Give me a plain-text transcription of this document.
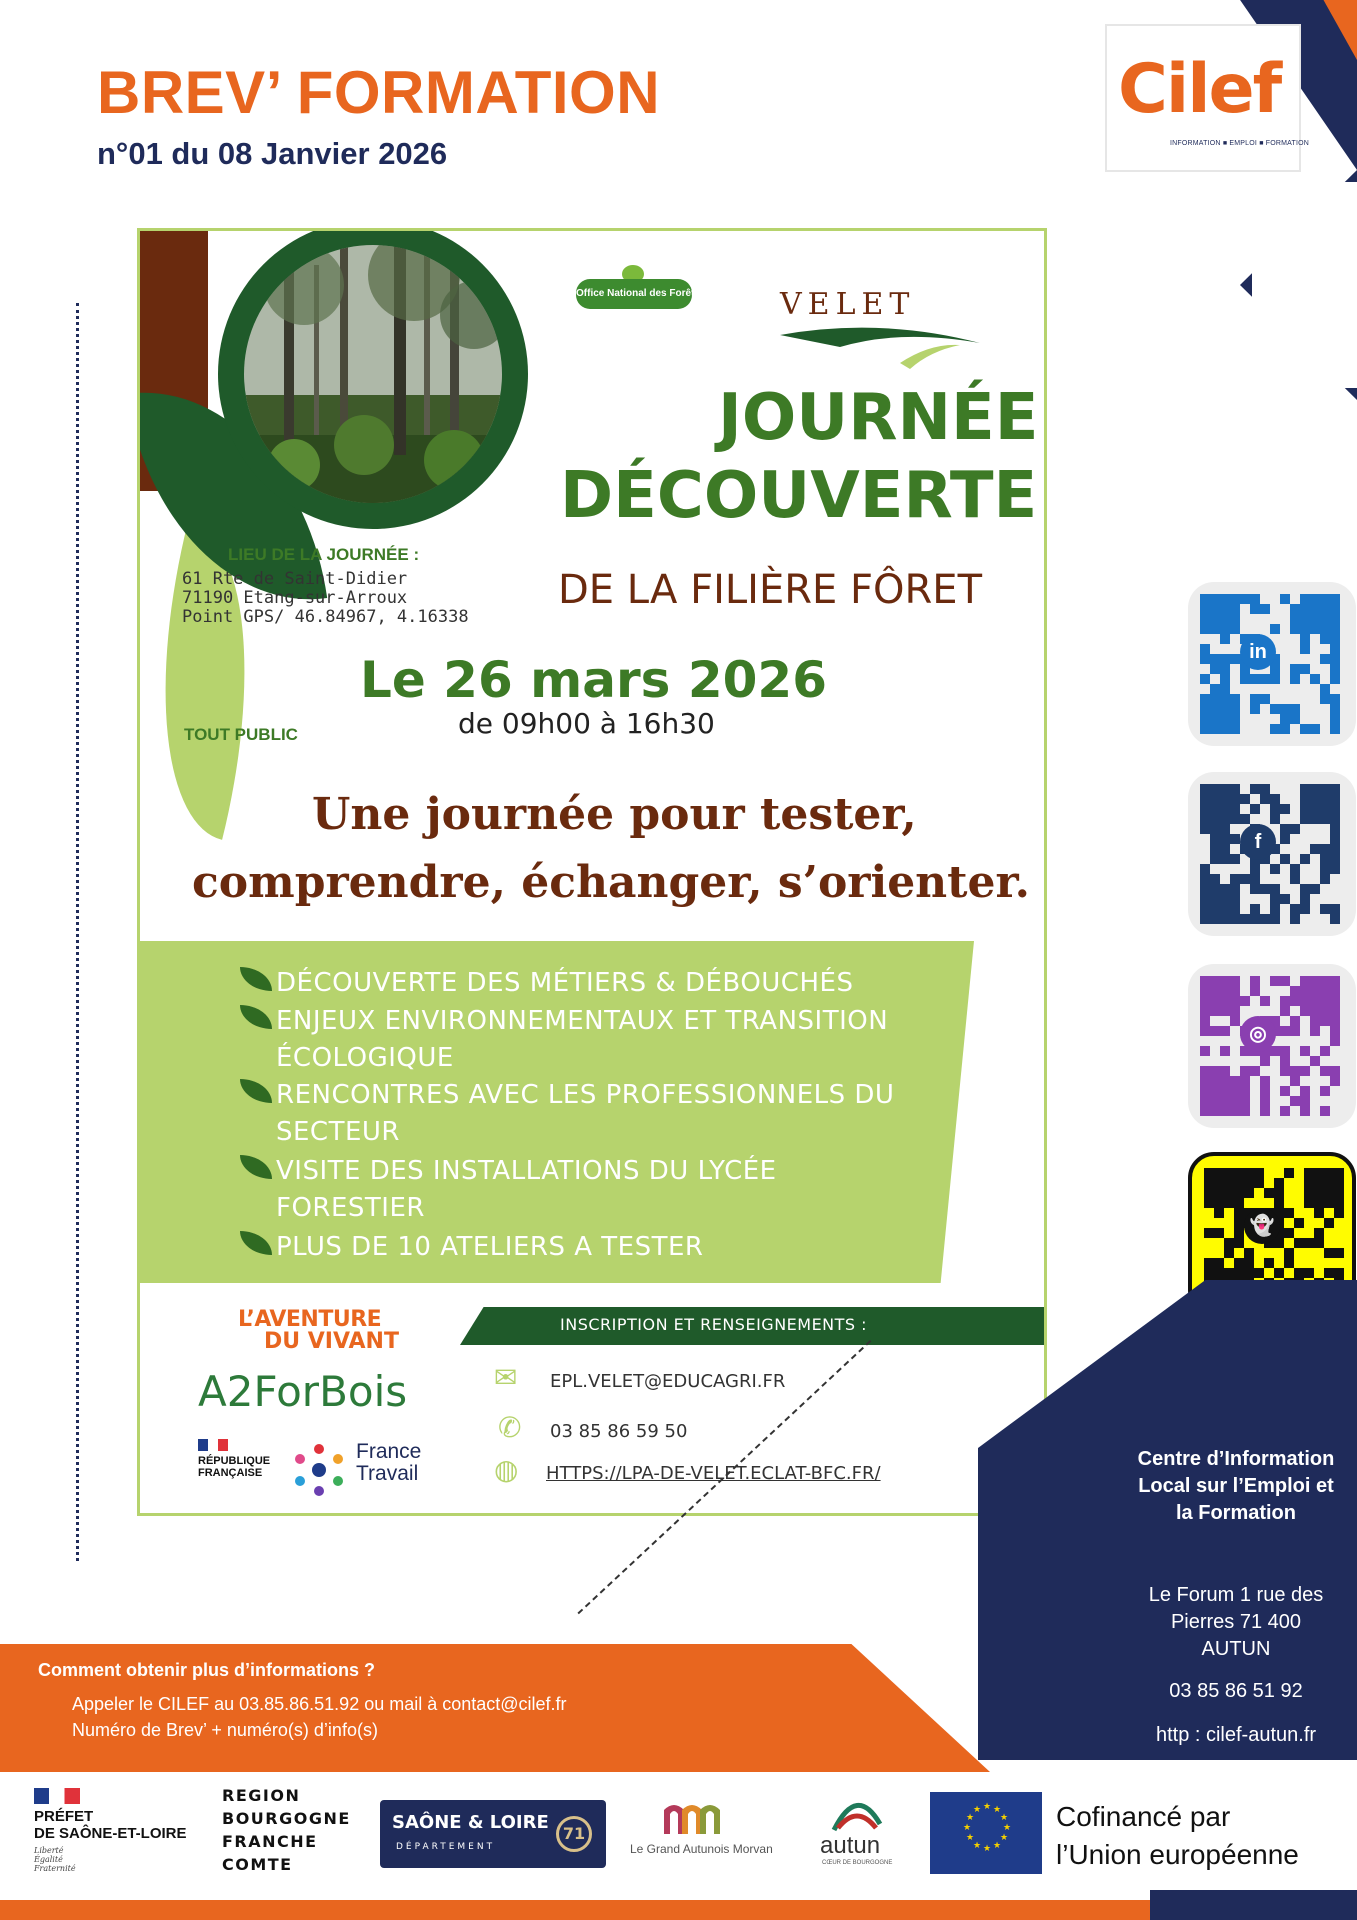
BREV’ FORMATION
n°01 du 08 Janvier 2026
Cilef
INFORMATION ■ EMPLOI ■ FORMATION
Office National des Forêts	VELET
JOURNÉE
DÉCOUVERTE
DE LA FILIÈRE FÔRET
LIEU DE LA JOURNÉE :
61 Rte de Saint-Didier
71190 Etang-sur-Arroux
Point GPS/ 46.84967, 4.16338
Le 26 mars 2026
de 09h00 à 16h30
TOUT PUBLIC
Une journée pour tester,
comprendre, échanger, s’orienter.
DÉCOUVERTE DES MÉTIERS & DÉBOUCHÉS
ENJEUX ENVIRONNEMENTAUX ET TRANSITION
ÉCOLOGIQUE
RENCONTRES AVEC LES PROFESSIONNELS DU
SECTEUR
VISITE DES INSTALLATIONS DU LYCÉE
FORESTIER
PLUS DE 10 ATELIERS A TESTER
L’AVENTURE
DU VIVANT
A2ForBois
RÉPUBLIQUE
FRANÇAISE
France
Travail
INSCRIPTION ET RENSEIGNEMENTS :
✉
✆
◍
EPL.VELET@EDUCAGRI.FR
03 85 86 59 50
HTTPS://LPA-DE-VELET.ECLAT-BFC.FR/
in
f
◎
👻
Centre d’Information Local sur l’Emploi et la Formation
Le Forum 1 rue des Pierres 71 400 AUTUN
03 85 86 51 92
http : cilef-autun.fr
Comment obtenir plus d’informations ?
Appeler le CILEF au 03.85.86.51.92 ou mail à contact@cilef.fr
Numéro de Brev’ + numéro(s) d’info(s)
PRÉFET
DE SAÔNE-ET-LOIRE
Liberté
Égalité
Fraternité
REGION
BOURGOGNE
FRANCHE
COMTE
SAÔNE & LOIRE
DÉPARTEMENT
71
Le Grand Autunois Morvan autun
CŒUR DE BOURGOGNE
★ ★
★
★
★
★
★
★
★
★
★
★	Cofinancé par
l’Union européenne
